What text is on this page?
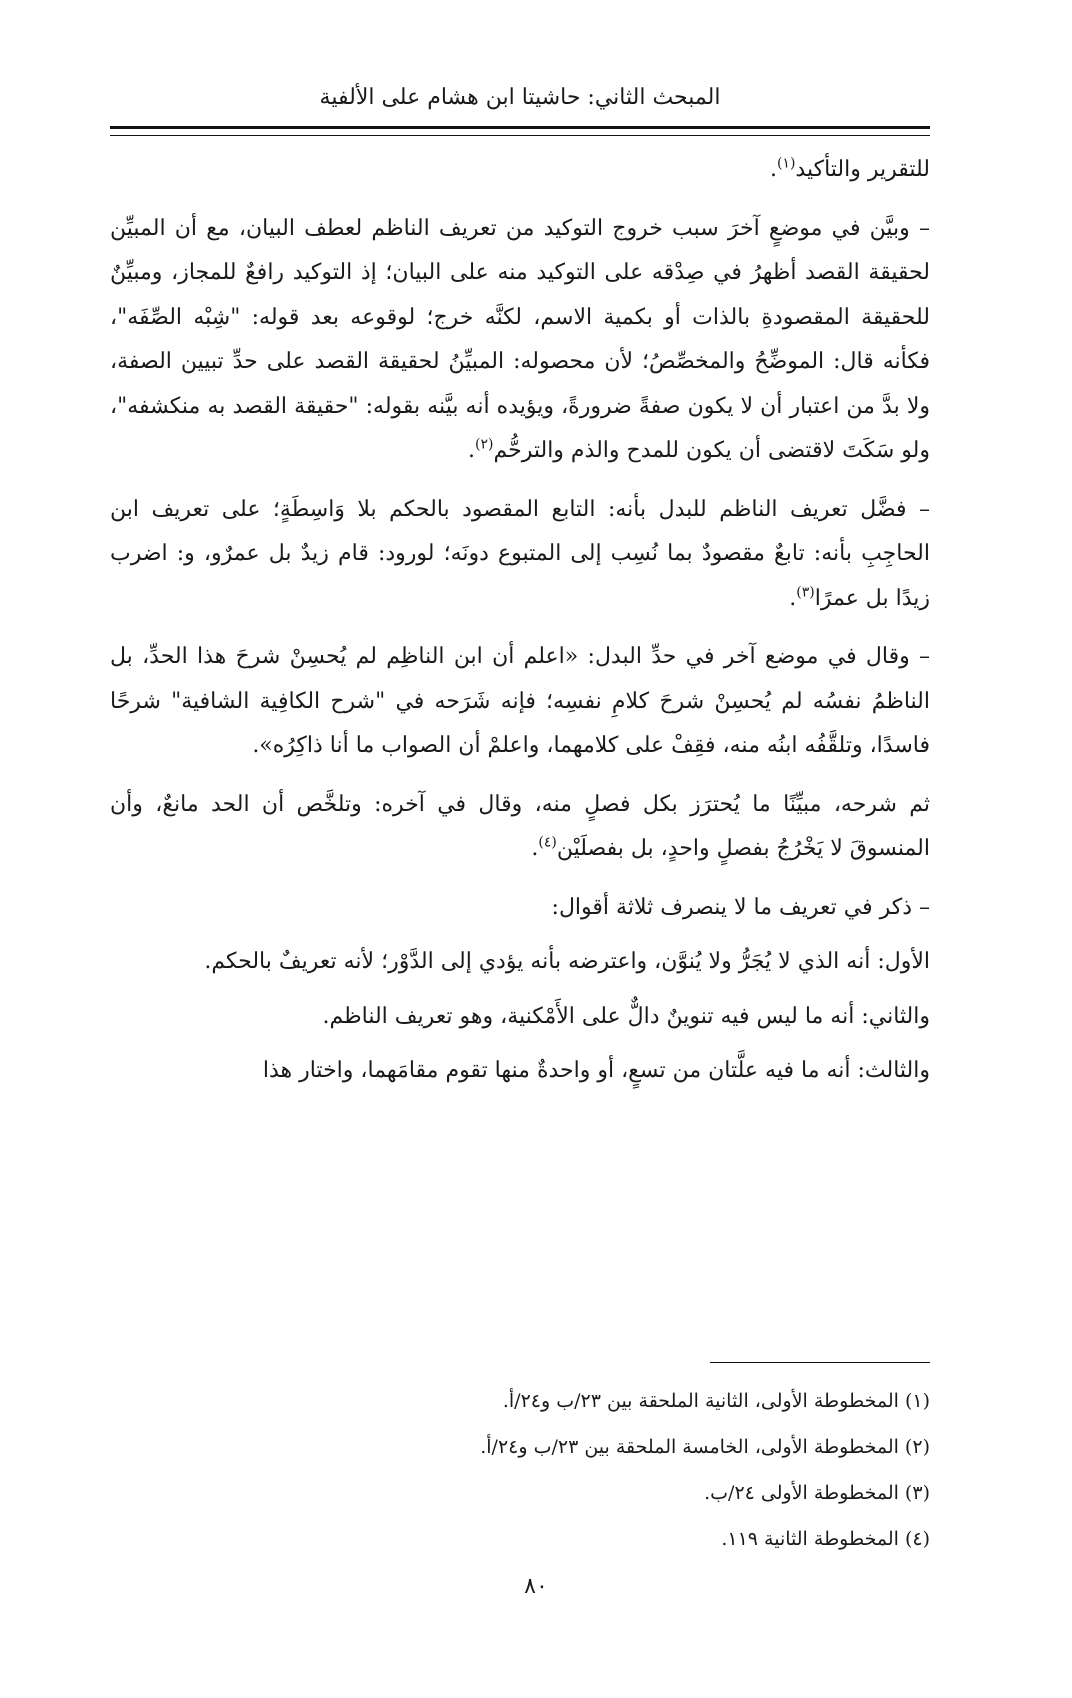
المبحث الثاني: حاشيتا ابن هشام على الألفية

للتقرير والتأكيد$^{(١)}$.

– وبيَّن في موضعٍ آخرَ سبب خروج التوكيد من تعريف الناظم لعطف البيان، مع أن المبيِّن لحقيقة القصد أظهرُ في صِدْقه على التوكيد منه على البيان؛ إذ التوكيد رافعٌ للمجاز، ومبيِّنٌ للحقيقة المقصودةِ بالذات أو بكمية الاسم، لكنَّه خرج؛ لوقوعه بعد قوله: "شِبْه الصِّفَه"، فكأنه قال: الموضِّحُ والمخصِّصُ؛ لأن محصوله: المبيِّنُ لحقيقة القصد على حدِّ تبيين الصفة، ولا بدَّ من اعتبار أن لا يكون صفةً ضرورةً، ويؤيده أنه بيَّنه بقوله: "حقيقة القصد به منكشفه"، ولو سَكَتَ لاقتضى أن يكون للمدح والذم والترحُّم$^{(٢)}$.

– فضَّل تعريف الناظم للبدل بأنه: التابع المقصود بالحكم بلا وَاسِطَةٍ؛ على تعريف ابن الحاجِبِ بأنه: تابعٌ مقصودٌ بما نُسِب إلى المتبوع دونَه؛ لورود: قام زيدٌ بل عمرٌو، و: اضرب زيدًا بل عمرًا$^{(٣)}$.

– وقال في موضع آخر في حدِّ البدل: «اعلم أن ابن الناظِم لم يُحسِنْ شرحَ هذا الحدِّ، بل الناظمُ نفسُه لم يُحسِنْ شرحَ كلامِ نفسِه؛ فإنه شَرَحه في "شرح الكافِية الشافية" شرحًا فاسدًا، وتلقَّفُه ابنُه منه، فقِفْ على كلامهما، واعلمْ أن الصواب ما أنا ذاكِرُه».

ثم شرحه، مبيِّنًا ما يُحترَز بكل فصلٍ منه، وقال في آخره: وتلخَّص أن الحد مانعٌ، وأن المنسوقَ لا يَخْرُجُ بفصلٍ واحدٍ، بل بفصلَيْن$^{(٤)}$.

– ذكر في تعريف ما لا ينصرف ثلاثة أقوال:

الأول: أنه الذي لا يُجَرُّ ولا يُنوَّن، واعترضه بأنه يؤدي إلى الدَّوْر؛ لأنه تعريفٌ بالحكم.

والثاني: أنه ما ليس فيه تنوينٌ دالٌّ على الأَمْكنية، وهو تعريف الناظم.

والثالث: أنه ما فيه علَّتان من تسعٍ، أو واحدةٌ منها تقوم مقامَهما، واختار هذا

(١) المخطوطة الأولى، الثانية الملحقة بين ٢٣/ب و٢٤/أ.

(٢) المخطوطة الأولى، الخامسة الملحقة بين ٢٣/ب و٢٤/أ.

(٣) المخطوطة الأولى ٢٤/ب.

(٤) المخطوطة الثانية ١١٩.

٨٠
